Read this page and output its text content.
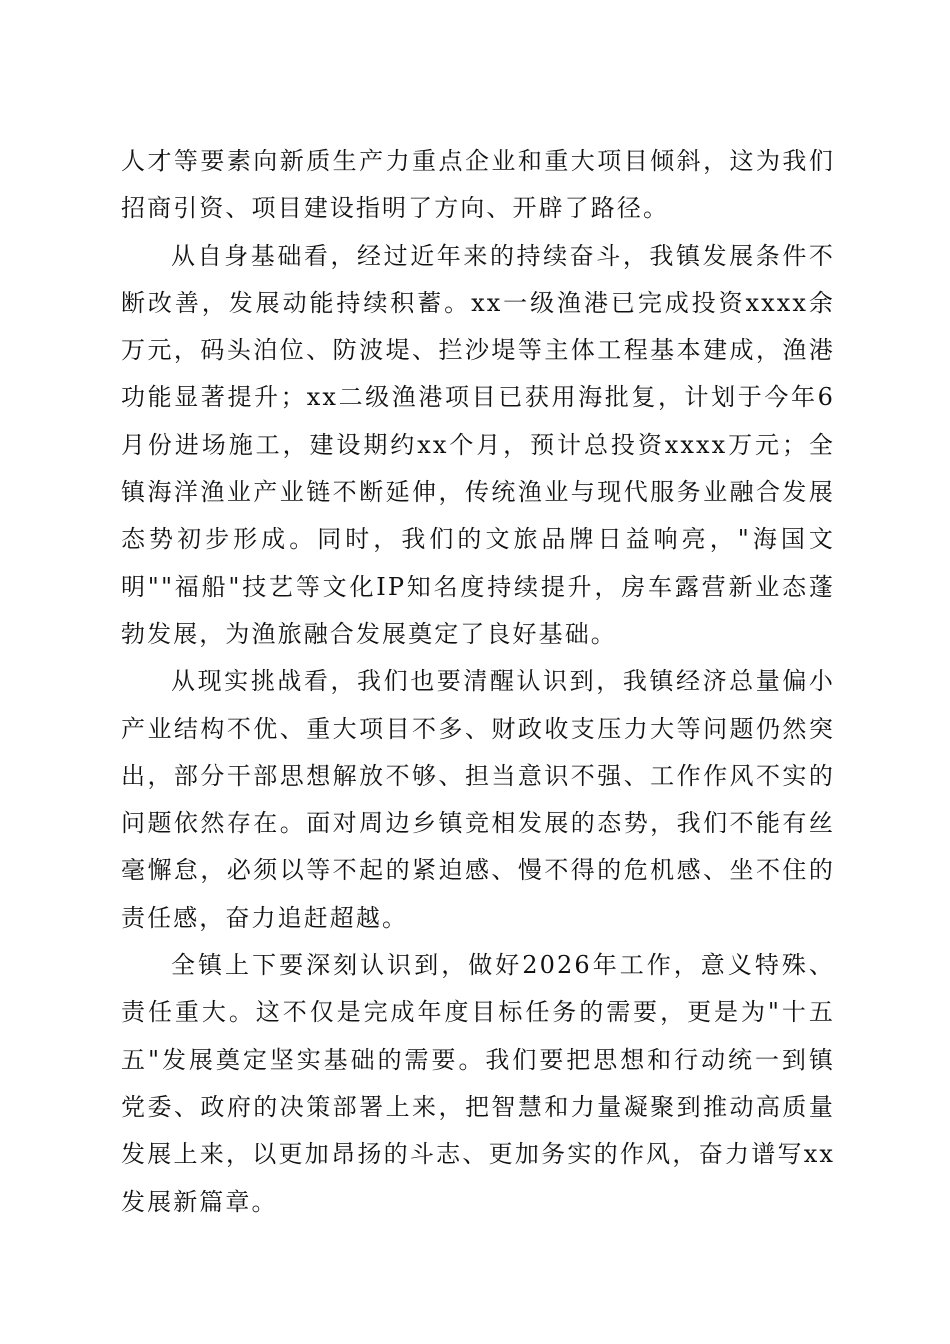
人才等要素向新质生产力重点企业和重大项目倾斜，这为我们招商引资、项目建设指明了方向、开辟了路径。

从自身基础看，经过近年来的持续奋斗，我镇发展条件不断改善，发展动能持续积蓄。xx一级渔港已完成投资xxxx余万元，码头泊位、防波堤、拦沙堤等主体工程基本建成，渔港功能显著提升；xx二级渔港项目已获用海批复，计划于今年6月份进场施工，建设期约xx个月，预计总投资xxxx万元；全镇海洋渔业产业链不断延伸，传统渔业与现代服务业融合发展态势初步形成。同时，我们的文旅品牌日益响亮，"海国文明""福船"技艺等文化IP知名度持续提升，房车露营新业态蓬勃发展，为渔旅融合发展奠定了良好基础。

从现实挑战看，我们也要清醒认识到，我镇经济总量偏小产业结构不优、重大项目不多、财政收支压力大等问题仍然突出，部分干部思想解放不够、担当意识不强、工作作风不实的问题依然存在。面对周边乡镇竞相发展的态势，我们不能有丝毫懈怠，必须以等不起的紧迫感、慢不得的危机感、坐不住的责任感，奋力追赶超越。

全镇上下要深刻认识到，做好2026年工作，意义特殊、责任重大。这不仅是完成年度目标任务的需要，更是为"十五五"发展奠定坚实基础的需要。我们要把思想和行动统一到镇党委、政府的决策部署上来，把智慧和力量凝聚到推动高质量发展上来，以更加昂扬的斗志、更加务实的作风，奋力谱写xx发展新篇章。
